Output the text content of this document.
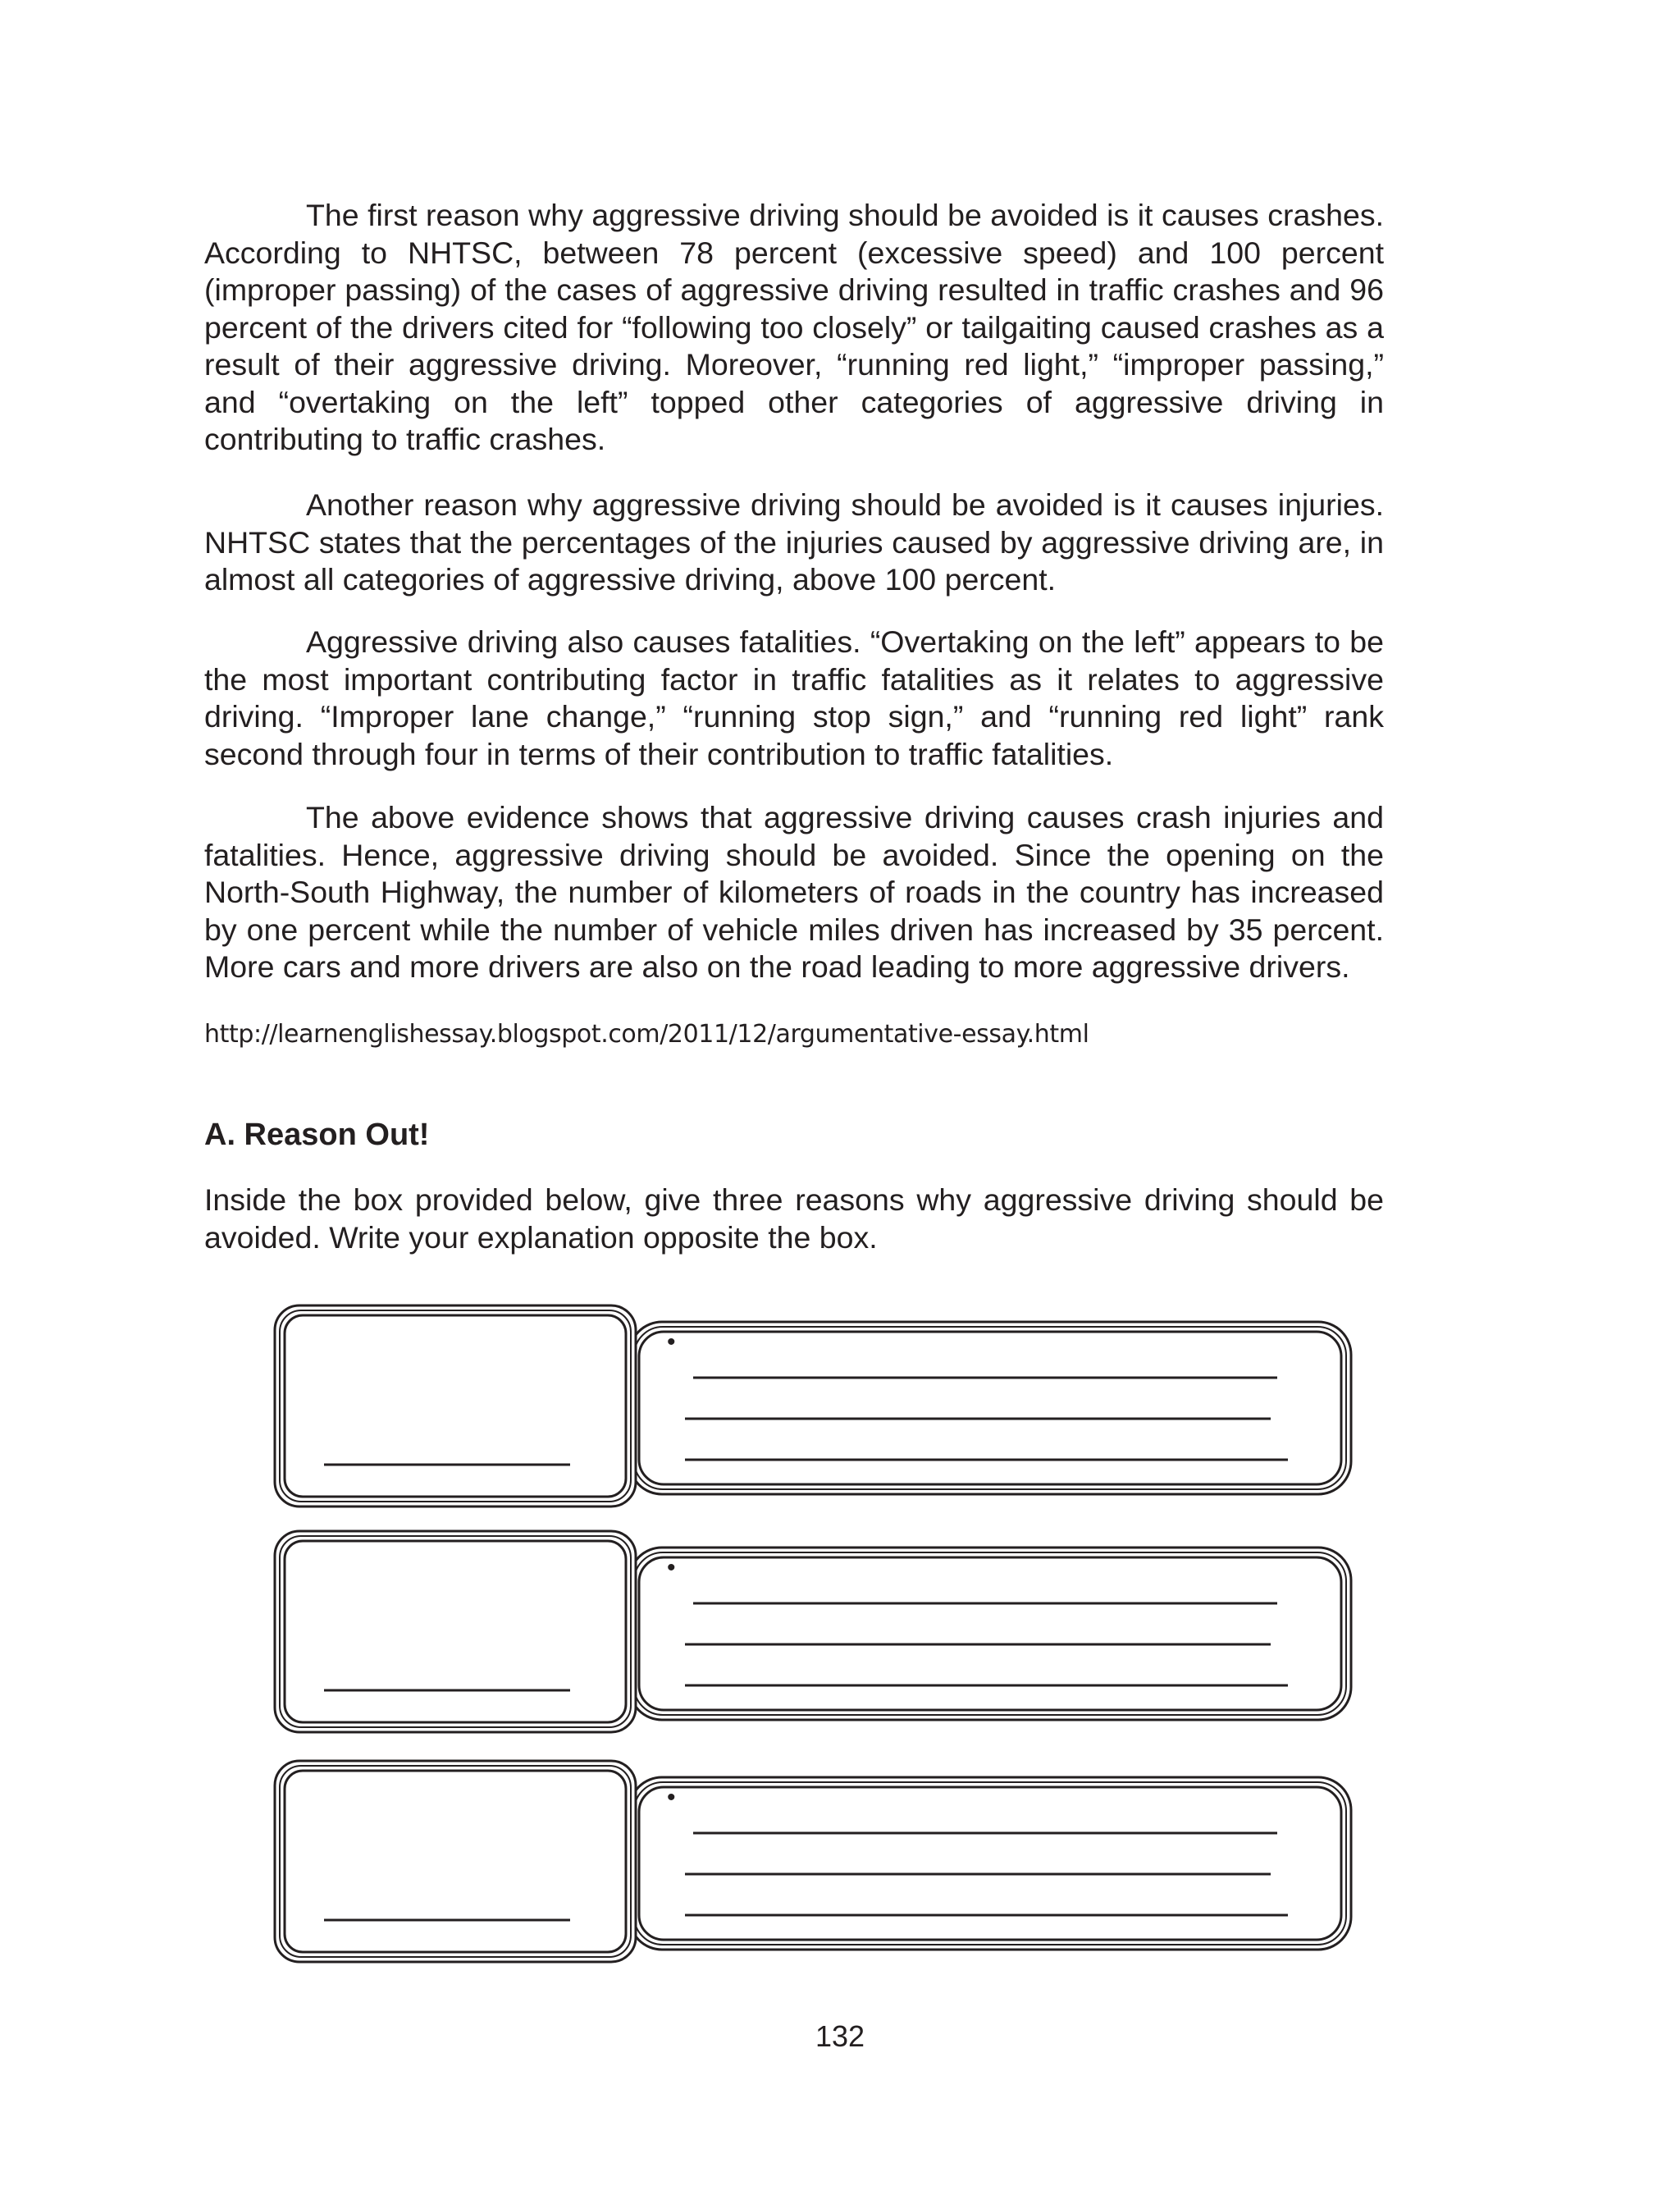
The first reason why aggressive driving should be avoided is it causes crashes. According to NHTSC, between 78 percent (excessive speed) and 100 percent (improper passing) of the cases of aggressive driving resulted in traffic crashes and 96 percent of the drivers cited for “following too closely” or tailgaiting caused crashes as a result of their aggressive driving. Moreover, “running red light,” “improper passing,” and “overtaking on the left” topped other categories of aggressive driving in contributing to traffic crashes.

Another reason why aggressive driving should be avoided is it causes injuries. NHTSC states that the percentages of the injuries caused by aggressive driving are, in almost all categories of aggressive driving, above 100 percent.

Aggressive driving also causes fatalities. “Overtaking on the left” appears to be the most important contributing factor in traffic fatalities as it relates to aggressive driving. “Improper lane change,” “running stop sign,” and “running red light” rank second through four in terms of their contribution to traffic fatalities.

The above evidence shows that aggressive driving causes crash injuries and fatalities. Hence, aggressive driving should be avoided. Since the opening on the North-South Highway, the number of kilometers of roads in the country has increased by one percent while the number of vehicle miles driven has increased by 35 percent. More cars and more drivers are also on the road leading to more aggressive drivers.

http://learnenglishessay.blogspot.com/2011/12/argumentative-essay.html
A. Reason Out!

Inside the box provided below, give three reasons why aggressive driving should be avoided. Write your explanation opposite the box.

•
•
•
132
